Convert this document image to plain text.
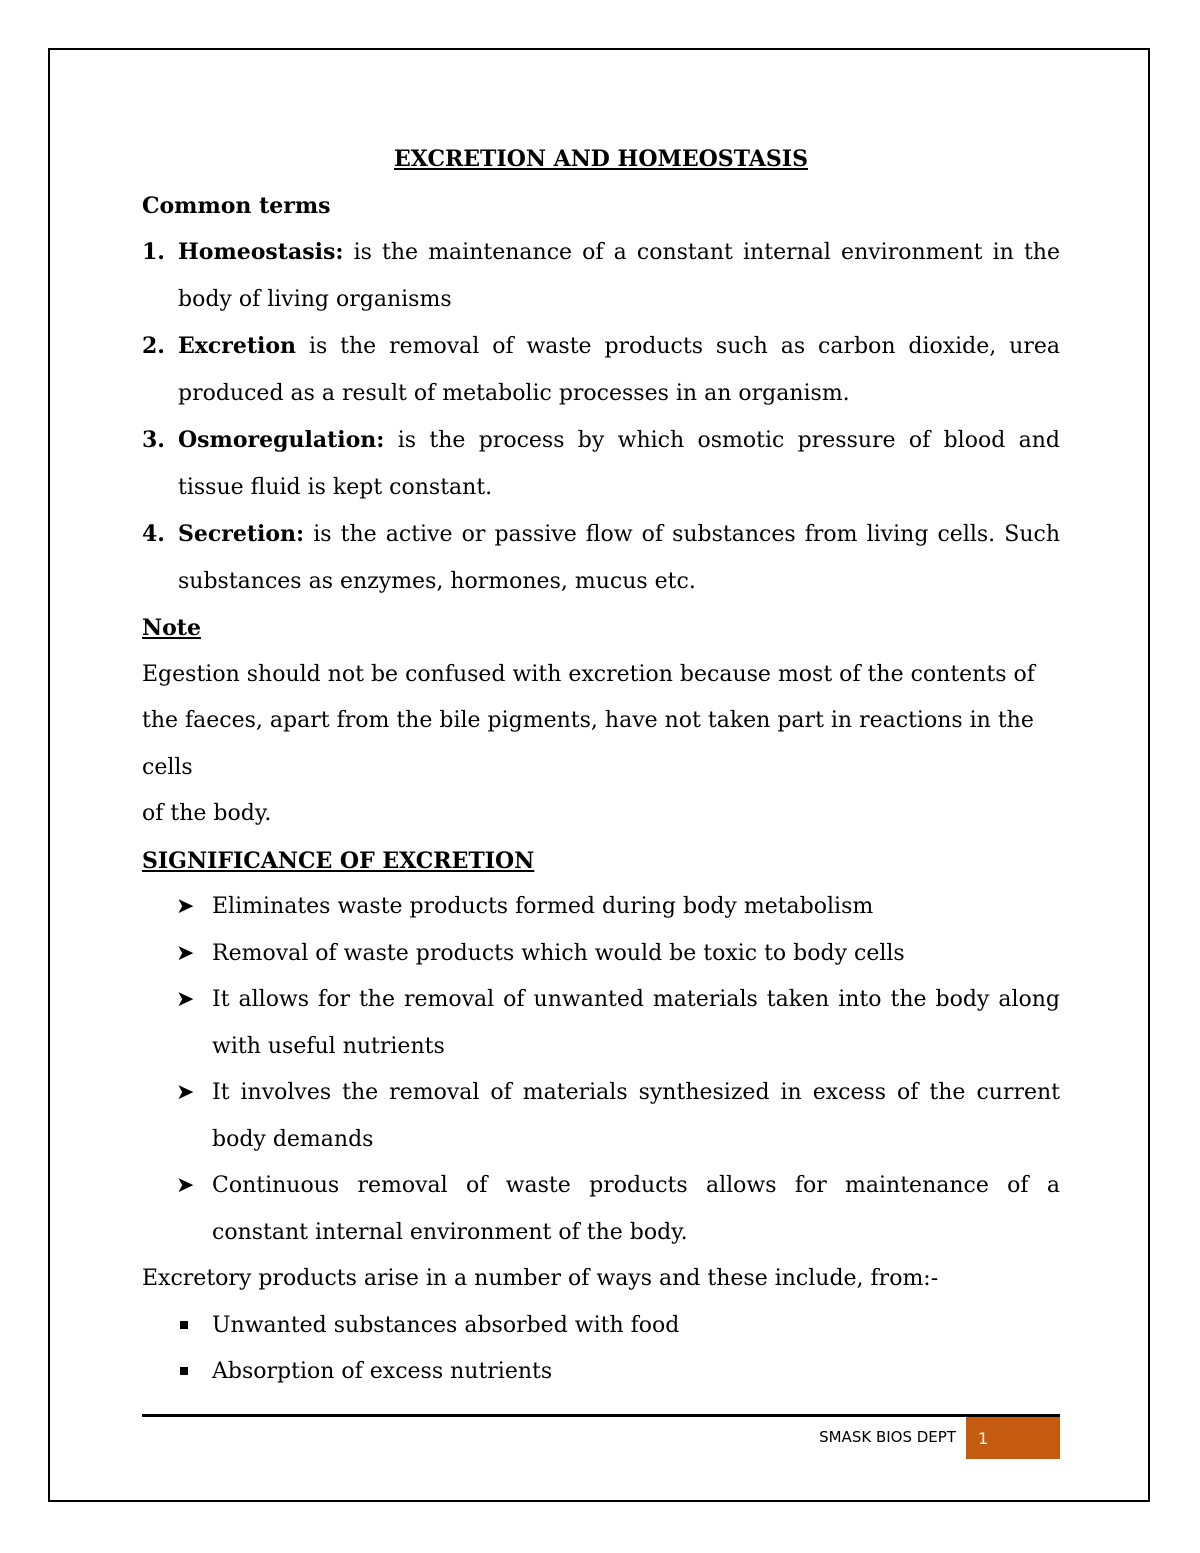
EXCRETION AND HOMEOSTASIS

Common terms

1. Homeostasis: is the maintenance of a constant internal environment in the body of living organisms
2. Excretion is the removal of waste products such as carbon dioxide, urea produced as a result of metabolic processes in an organism.
3. Osmoregulation: is the process by which osmotic pressure of blood and tissue fluid is kept constant.
4. Secretion: is the active or passive flow of substances from living cells. Such substances as enzymes, hormones, mucus etc.

Note

Egestion should not be confused with excretion because most of the contents of the faeces, apart from the bile pigments, have not taken part in reactions in the cells

of the body.

SIGNIFICANCE OF EXCRETION

➤ Eliminates waste products formed during body metabolism
➤ Removal of waste products which would be toxic to body cells
➤ It allows for the removal of unwanted materials taken into the body along with useful nutrients
➤ It involves the removal of materials synthesized in excess of the current body demands
➤ Continuous removal of waste products allows for maintenance of a constant internal environment of the body.

Excretory products arise in a number of ways and these include, from:-

Unwanted substances absorbed with food
Absorption of excess nutrients
SMASK BIOS DEPT	1
